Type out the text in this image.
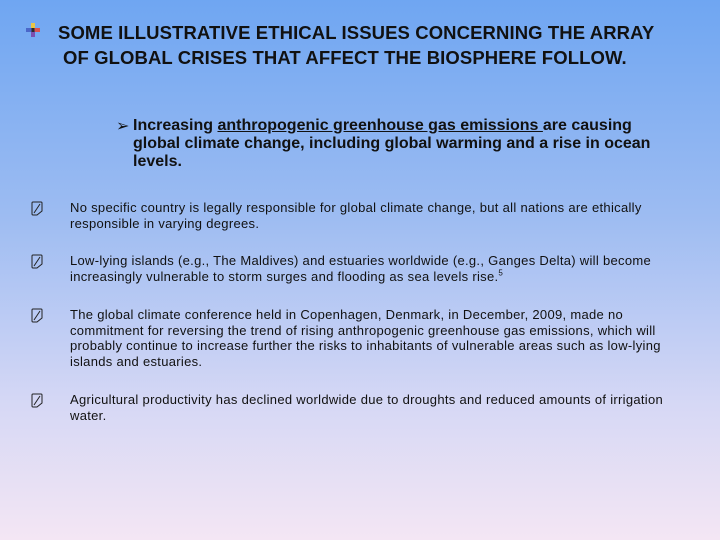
SOME ILLUSTRATIVE ETHICAL ISSUES CONCERNING THE ARRAY
OF GLOBAL CRISES THAT AFFECT THE BIOSPHERE FOLLOW.
➢ Increasing anthropogenic greenhouse gas emissions are causing global climate change, including global warming and a rise in ocean levels.
No specific country is legally responsible for global climate change, but all nations are ethically responsible in varying degrees.
Low-lying islands (e.g., The Maldives) and estuaries worldwide (e.g., Ganges Delta) will become increasingly vulnerable to storm surges and flooding as sea levels rise.$^5$
The global climate conference held in Copenhagen, Denmark, in December, 2009, made no commitment for reversing the trend of rising anthropogenic greenhouse gas emissions, which will probably continue to increase further the risks to inhabitants of vulnerable areas such as low-lying islands and estuaries.
Agricultural productivity has declined worldwide due to droughts and reduced amounts of irrigation water.
